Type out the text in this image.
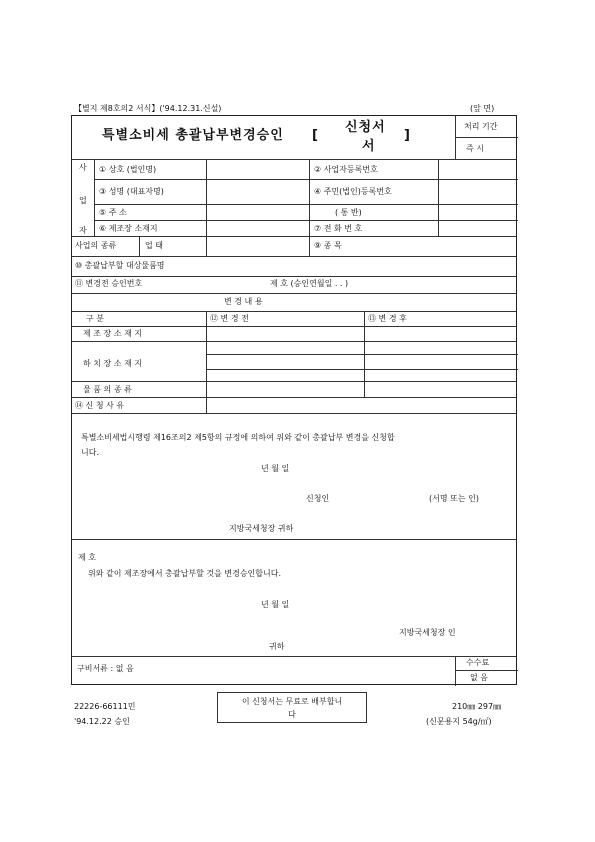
【별지 제8호의2 서식】('94.12.31.신설)	(앞 면)
특별소비세 총괄납부변경승인 [
신청서
서
]
처리 기간
즉 시
사
업
자
① 상호 (법인명)	② 사업자등록번호
③ 성명 (대표자명)	④ 주민(법인)등록번호
⑤ 주 소	( 통 반)
⑥ 제조장 소재지	⑦ 전 화 번 호
사업의 종류	업 태	⑨ 종 목
⑩ 총괄납부할 대상물품명
⑪ 변경전 승인번호	제 호 (승인연월일 . . )
변 경 내 용
구 분	⑫ 변 경 전	⑬ 변 경 후
제 조 장 소 재 지
하 치 장 소 재 지
물 품 의 종 류
⑭ 신 청 사 유
특별소비세법시행령 제16조의2 제5항의 규정에 의하여 위와 같이 총괄납부 변경을 신청합
니다.
년 월 일
신청인	(서명 또는 인)
지방국세청장 귀하
제 호
위와 같이 제조장에서 총괄납부할 것을 변경승인합니다.
년 월 일
지방국세청장 인
귀하
구비서류 : 없 음
수수료
없 음
22226-66111민
'94.12.22 승인
이 신청서는 무료로 배부합니
다
210㎜ 297㎜
(신문용지 54g/㎡)
